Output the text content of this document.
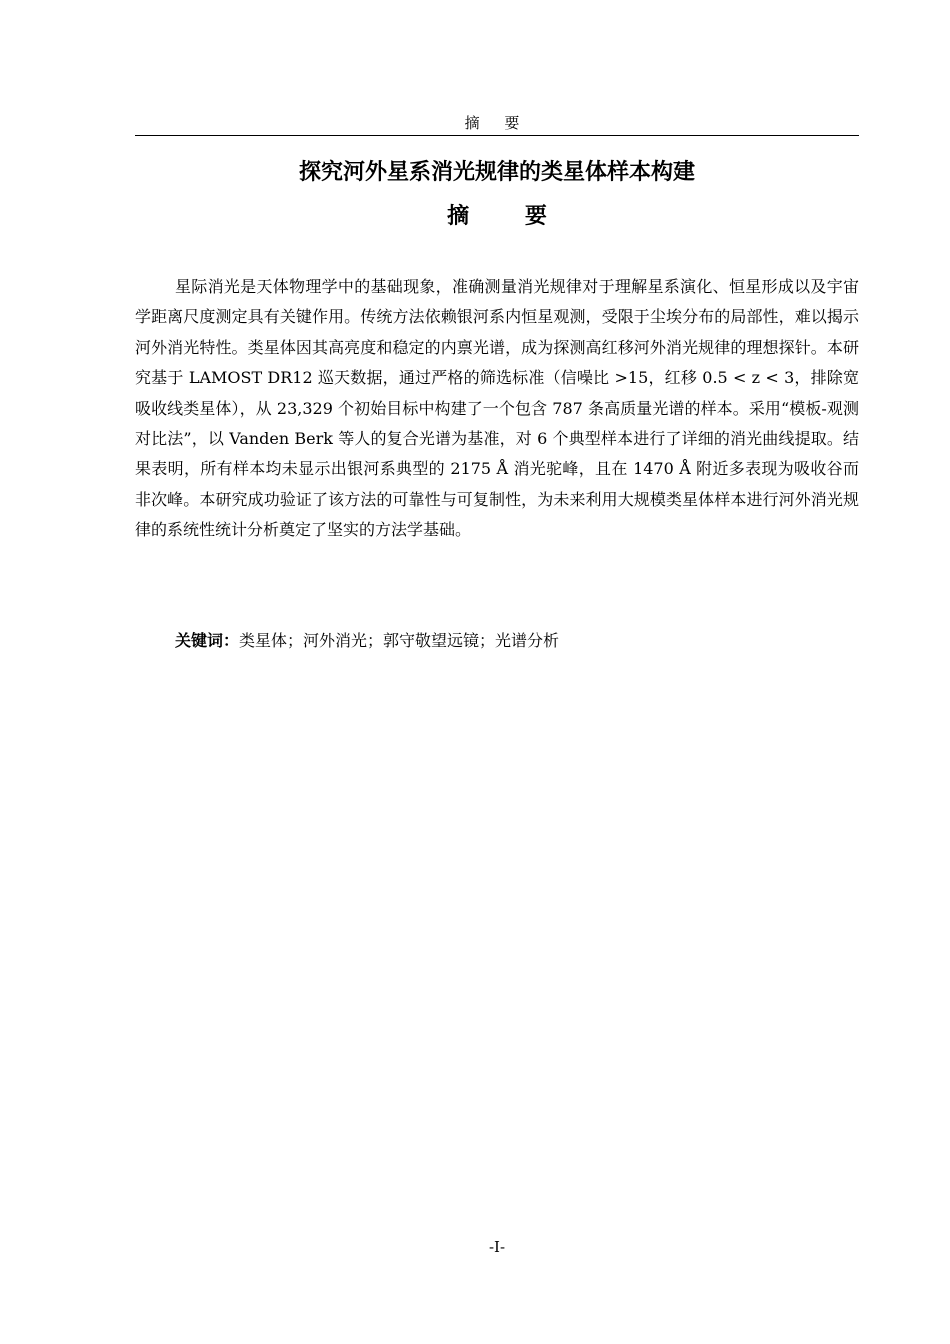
摘 要
探究河外星系消光规律的类星体样本构建
摘 要

星际消光是天体物理学中的基础现象，准确测量消光规律对于理解星系演化、恒星形成以及宇宙学距离尺度测定具有关键作用。传统方法依赖银河系内恒星观测，受限于尘埃分布的局部性，难以揭示河外消光特性。类星体因其高亮度和稳定的内禀光谱，成为探测高红移河外消光规律的理想探针。本研究基于 LAMOST DR12 巡天数据，通过严格的筛选标准（信噪比 >15，红移 0.5 < z < 3，排除宽吸收线类星体），从 23,329 个初始目标中构建了一个包含 787 条高质量光谱的样本。采用“模板-观测对比法”，以 Vanden Berk 等人的复合光谱为基准，对 6 个典型样本进行了详细的消光曲线提取。结果表明，所有样本均未显示出银河系典型的 2175 Å 消光驼峰，且在 1470 Å 附近多表现为吸收谷而非次峰。本研究成功验证了该方法的可靠性与可复制性，为未来利用大规模类星体样本进行河外消光规律的系统性统计分析奠定了坚实的方法学基础。

关键词：类星体；河外消光；郭守敬望远镜；光谱分析

-I-
